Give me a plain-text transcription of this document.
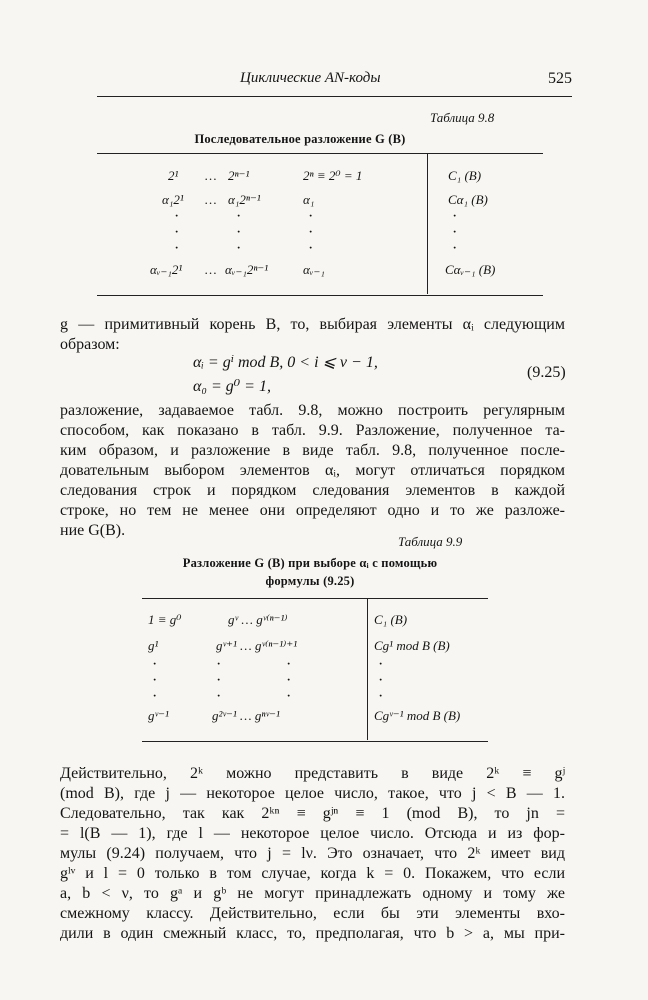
Циклические AN-коды	525
Таблица 9.8
Последовательное разложение G (B)
2¹ … 2ⁿ⁻¹	2ⁿ ≡ 2⁰ = 1	C₁ (B)
α₁2¹ … α₁2ⁿ⁻¹	α₁	Cα₁ (B)
·
·
·
·
·
·
·
·
·
·
·
·
αᵥ₋₁2¹ … αᵥ₋₁2ⁿ⁻¹	αᵥ₋₁	Cαᵥ₋₁ (B)
g — примитивный корень B, то, выбирая элементы αᵢ следующим
образом:
αᵢ = gⁱ mod B, 0 < i ⩽ ν − 1,
α₀ = g⁰ = 1,
(9.25)
разложение, задаваемое табл. 9.8, можно построить регулярным
способом, как показано в табл. 9.9. Разложение, полученное та-
ким образом, и разложение в виде табл. 9.8, полученное после-
довательным выбором элементов αᵢ, могут отличаться порядком
следования строк и порядком следования элементов в каждой
строке, но тем не менее они определяют одно и то же разложе-
ние G(B).
Таблица 9.9
Разложение G (B) при выборе αᵢ с помощью
формулы (9.25)
1 ≡ g⁰	gᵛ … gᵛ⁽ⁿ⁻¹⁾	C₁ (B)
g¹	gᵛ⁺¹ … gᵛ⁽ⁿ⁻¹⁾⁺¹	Cg¹ mod B (B)
·
·
·
·
·
·
·
·
·
·
·
·
gᵛ⁻¹	g²ᵛ⁻¹ … gⁿᵛ⁻¹	Cgᵛ⁻¹ mod B (B)
Действительно, 2ᵏ можно представить в виде 2ᵏ ≡ gʲ
(mod B), где j — некоторое целое число, такое, что j < B — 1.
Следовательно, так как 2ᵏⁿ ≡ gʲⁿ ≡ 1 (mod B), то jn =
= l(B — 1), где l — некоторое целое число. Отсюда и из фор-
мулы (9.24) получаем, что j = lν. Это означает, что 2ᵏ имеет вид
gˡᵛ и l = 0 только в том случае, когда k = 0. Покажем, что если
a, b < ν, то gᵃ и gᵇ не могут принадлежать одному и тому же
смежному классу. Действительно, если бы эти элементы вхо-
дили в один смежный класс, то, предполагая, что b > a, мы при-
